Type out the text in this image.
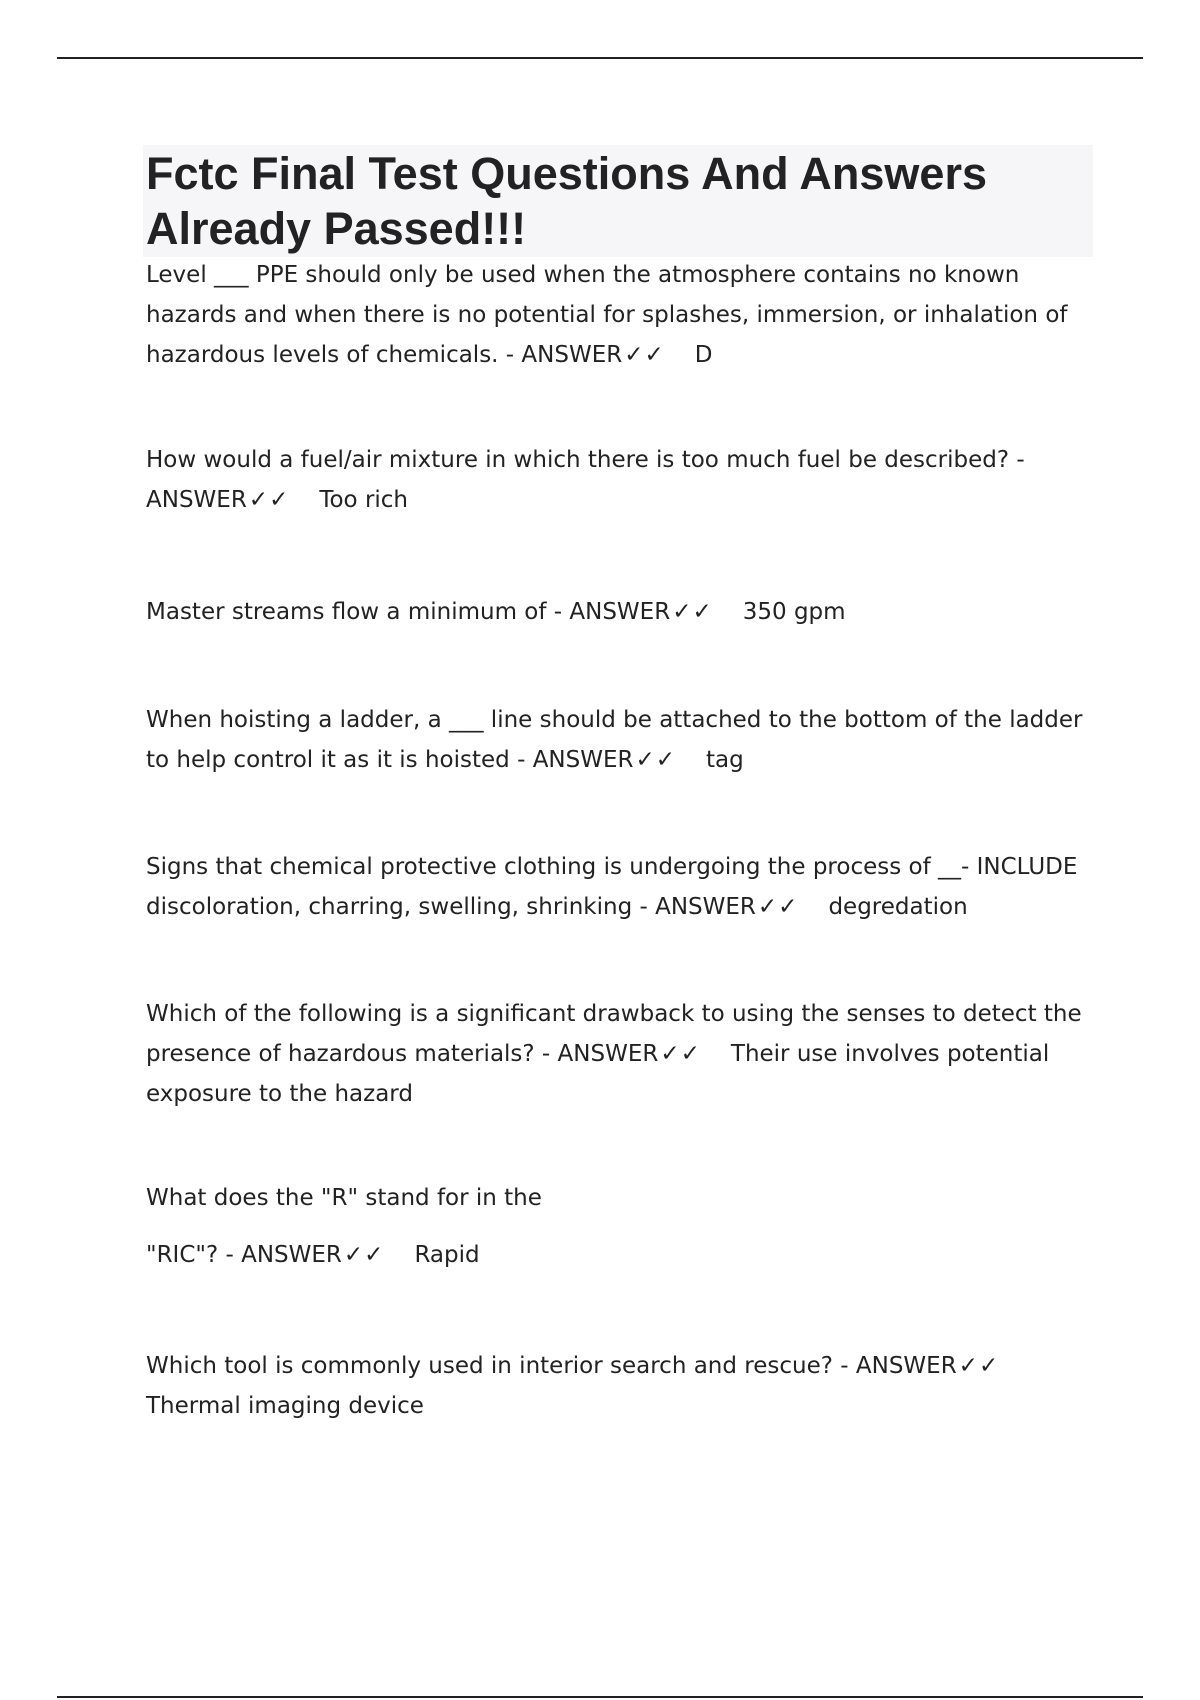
Fctc Final Test Questions And Answers
Already Passed!!!

Level ___ PPE should only be used when the atmosphere contains no known
hazards and when there is no potential for splashes, immersion, or inhalation of
hazardous levels of chemicals. - ANSWER✓✓ D

How would a fuel/air mixture in which there is too much fuel be described? -
ANSWER✓✓ Too rich

Master streams flow a minimum of - ANSWER✓✓ 350 gpm

When hoisting a ladder, a ___ line should be attached to the bottom of the ladder
to help control it as it is hoisted - ANSWER✓✓ tag

Signs that chemical protective clothing is undergoing the process of __- INCLUDE
discoloration, charring, swelling, shrinking - ANSWER✓✓ degredation

Which of the following is a significant drawback to using the senses to detect the
presence of hazardous materials? - ANSWER✓✓ Their use involves potential
exposure to the hazard

What does the "R" stand for in the

"RIC"? - ANSWER✓✓ Rapid

Which tool is commonly used in interior search and rescue? - ANSWER✓✓
Thermal imaging device
